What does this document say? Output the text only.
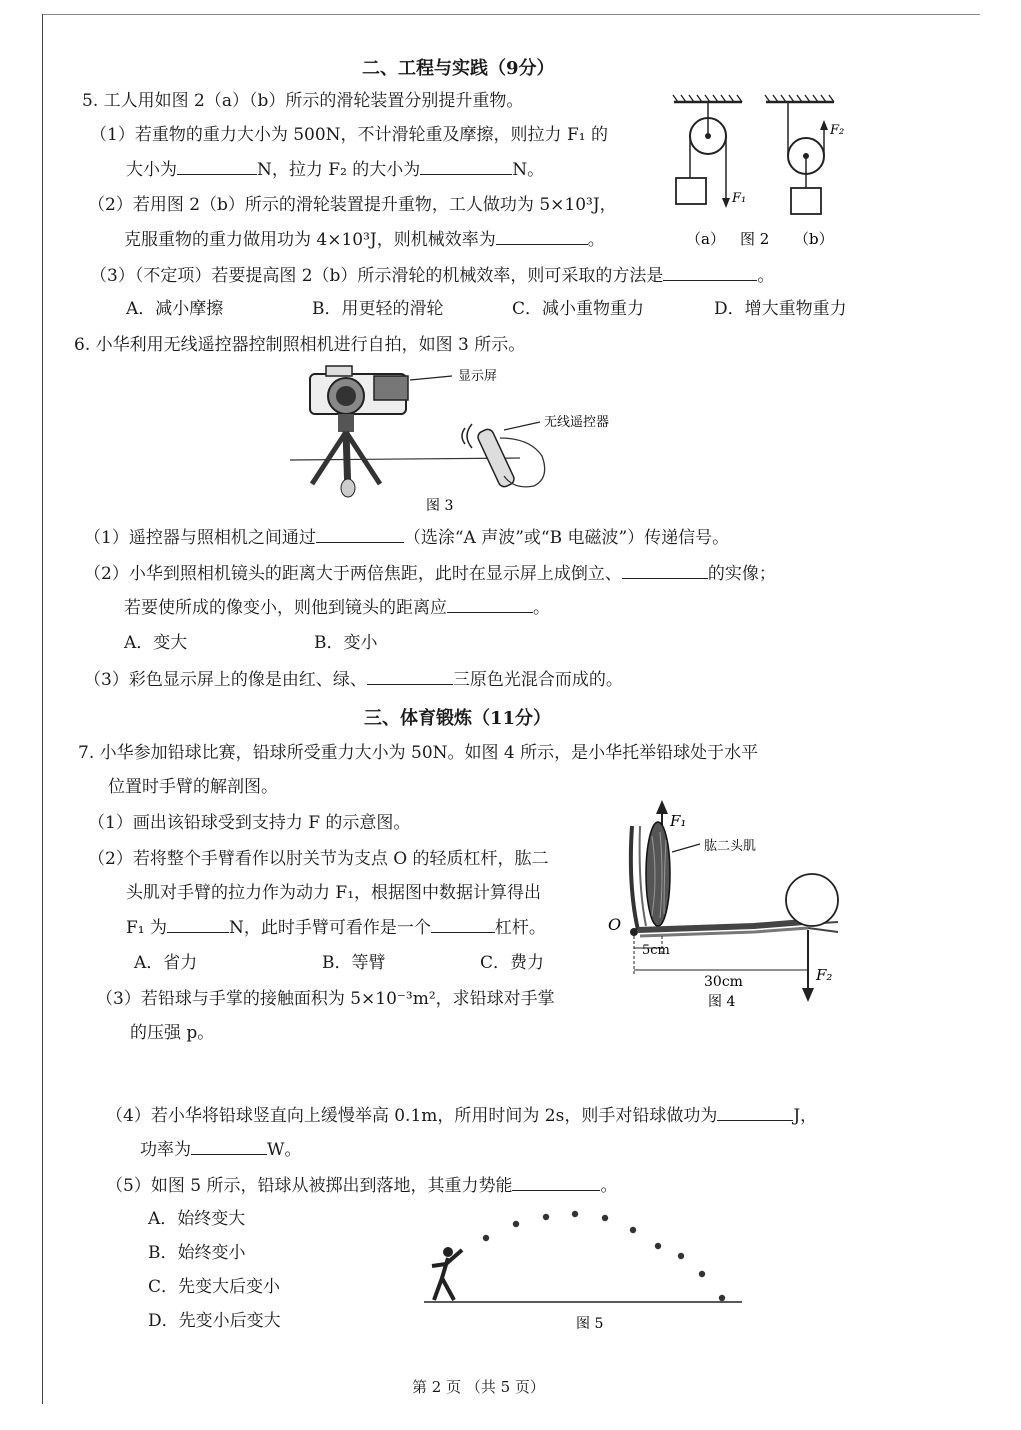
二、工程与实践（9分）
5. 工人用如图 2（a）（b）所示的滑轮装置分别提升重物。
（1）若重物的重力大小为 500N，不计滑轮重及摩擦，则拉力 F₁ 的
大小为	N，拉力 F₂ 的大小为	N。
（2）若用图 2（b）所示的滑轮装置提升重物，工人做功为 5×10³J，
克服重物的重力做用功为 4×10³J，则机械效率为	。
（3）（不定项）若要提高图 2（b）所示滑轮的机械效率，则可采取的方法是	。
A．减小摩擦	B．用更轻的滑轮	C．减小重物重力	D．增大重物重力
F₁
F₂
（a） 图 2 （b）
6. 小华利用无线遥控器控制照相机进行自拍，如图 3 所示。
显示屏
无线遥控器
图 3
（1）遥控器与照相机之间通过	（选涂“A 声波”或“B 电磁波”）传递信号。
（2）小华到照相机镜头的距离大于两倍焦距，此时在显示屏上成倒立、	的实像；
若要使所成的像变小，则他到镜头的距离应	。
A．变大	B．变小
（3）彩色显示屏上的像是由红、绿、	三原色光混合而成的。
三、体育锻炼（11分）
7. 小华参加铅球比赛，铅球所受重力大小为 50N。如图 4 所示，是小华托举铅球处于水平
位置时手臂的解剖图。
（1）画出该铅球受到支持力 F 的示意图。
（2）若将整个手臂看作以肘关节为支点 O 的轻质杠杆，肱二
头肌对手臂的拉力作为动力 F₁，根据图中数据计算得出
F₁ 为	N，此时手臂可看作是一个	杠杆。
A．省力	B．等臂	C．费力
（3）若铅球与手掌的接触面积为 5×10⁻³m²，求铅球对手掌
的压强 p。
F₁
肱二头肌
O
5cm
30cm	F₂
图 4
（4）若小华将铅球竖直向上缓慢举高 0.1m，所用时间为 2s，则手对铅球做功为	J，
功率为	W。
（5）如图 5 所示，铅球从被掷出到落地，其重力势能	。
A．始终变大
B．始终变小
C．先变大后变小
D．先变小后变大	图 5
第 2 页 （共 5 页）
